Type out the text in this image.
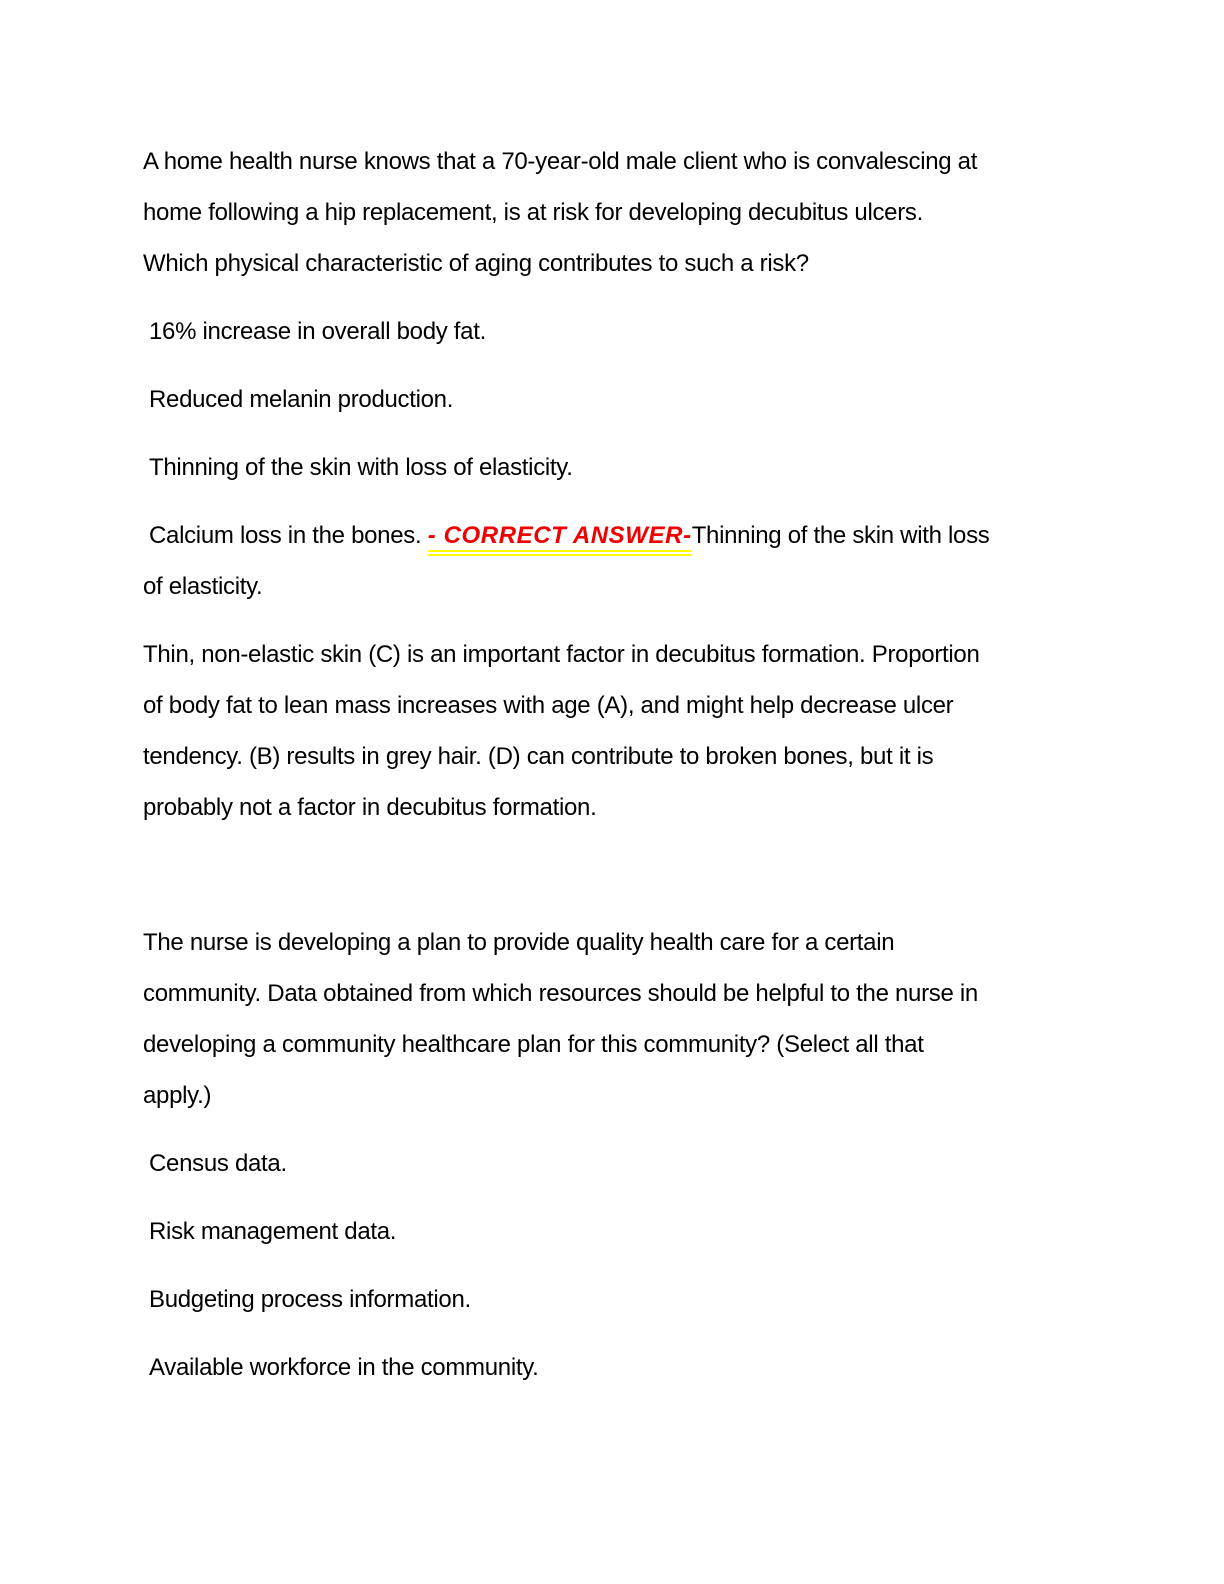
A home health nurse knows that a 70-year-old male client who is convalescing at
home following a hip replacement, is at risk for developing decubitus ulcers.
Which physical characteristic of aging contributes to such a risk?
16% increase in overall body fat.
Reduced melanin production.
Thinning of the skin with loss of elasticity.
Calcium loss in the bones. - CORRECT ANSWER-Thinning of the skin with loss
of elasticity.
Thin, non-elastic skin (C) is an important factor in decubitus formation. Proportion
of body fat to lean mass increases with age (A), and might help decrease ulcer
tendency. (B) results in grey hair. (D) can contribute to broken bones, but it is
probably not a factor in decubitus formation.
The nurse is developing a plan to provide quality health care for a certain
community. Data obtained from which resources should be helpful to the nurse in
developing a community healthcare plan for this community? (Select all that
apply.)
Census data.
Risk management data.
Budgeting process information.
Available workforce in the community.
